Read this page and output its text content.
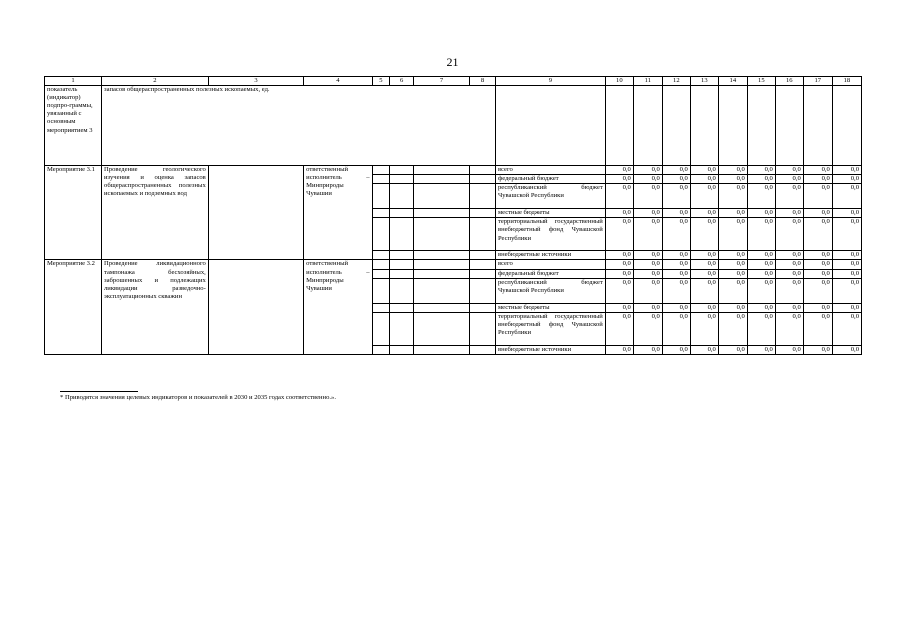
21
1	2	3	4	5	6	7	8	9	10	11	12	13	14	15	16	17	18
показатель (индикатор) подпро-граммы, увязанный с основным мероприятием 3	запасов общераспространенных полезных ископаемых, ед.																
Мероприятие 3.1	Проведение геологического изучения и оценка запасов общераспространенных полезных ископаемых и подземных вод		ответственный исполнитель – Минприроды Чувашии					всего	0,0	0,0	0,0	0,0	0,0	0,0	0,0	0,0	0,0
								федеральный бюджет	0,0	0,0	0,0	0,0	0,0	0,0	0,0	0,0	0,0
								республиканский бюджет Чувашской Республики	0,0	0,0	0,0	0,0	0,0	0,0	0,0	0,0	0,0
								местные бюджеты	0,0	0,0	0,0	0,0	0,0	0,0	0,0	0,0	0,0
								территориальный государственный внебюджетный фонд Чувашской Республики	0,0	0,0	0,0	0,0	0,0	0,0	0,0	0,0	0,0
								внебюджетные источники	0,0	0,0	0,0	0,0	0,0	0,0	0,0	0,0	0,0
Мероприятие 3.2	Проведение ликвидационного тампонажа бесхозяйных, заброшенных и подлежащих ликвидации разведочно-эксплуатационных скважин		ответственный исполнитель – Минприроды Чувашии					всего	0,0	0,0	0,0	0,0	0,0	0,0	0,0	0,0	0,0
								федеральный бюджет	0,0	0,0	0,0	0,0	0,0	0,0	0,0	0,0	0,0
								республиканский бюджет Чувашской Республики	0,0	0,0	0,0	0,0	0,0	0,0	0,0	0,0	0,0
								местные бюджеты	0,0	0,0	0,0	0,0	0,0	0,0	0,0	0,0	0,0
								территориальный государственный внебюджетный фонд Чувашской Республики	0,0	0,0	0,0	0,0	0,0	0,0	0,0	0,0	0,0
								внебюджетные источники	0,0	0,0	0,0	0,0	0,0	0,0	0,0	0,0	0,0
* Приводятся значения целевых индикаторов и показателей в 2030 и 2035 годах соответственно.».
